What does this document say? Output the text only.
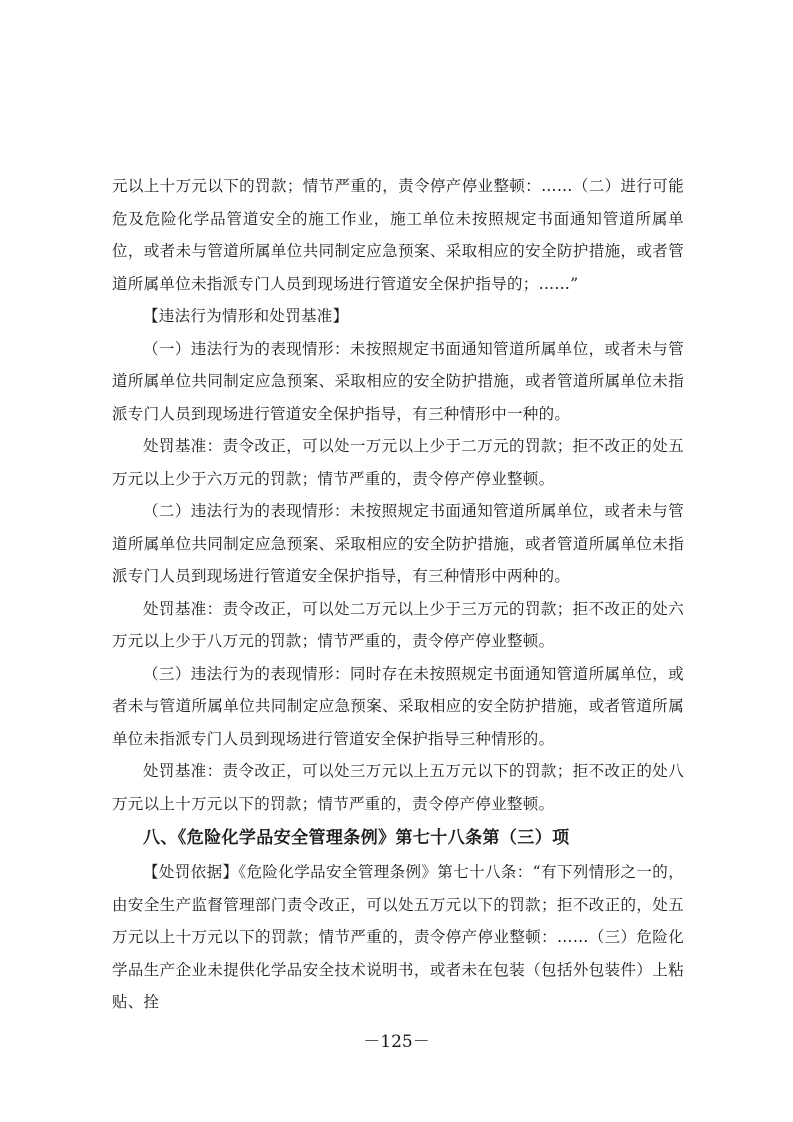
元以上十万元以下的罚款；情节严重的，责令停产停业整顿：……（二）进行可能危及危险化学品管道安全的施工作业，施工单位未按照规定书面通知管道所属单位，或者未与管道所属单位共同制定应急预案、采取相应的安全防护措施，或者管道所属单位未指派专门人员到现场进行管道安全保护指导的；……”

【违法行为情形和处罚基准】

（一）违法行为的表现情形：未按照规定书面通知管道所属单位，或者未与管道所属单位共同制定应急预案、采取相应的安全防护措施，或者管道所属单位未指派专门人员到现场进行管道安全保护指导，有三种情形中一种的。

处罚基准：责令改正，可以处一万元以上少于二万元的罚款；拒不改正的处五万元以上少于六万元的罚款；情节严重的，责令停产停业整顿。

（二）违法行为的表现情形：未按照规定书面通知管道所属单位，或者未与管道所属单位共同制定应急预案、采取相应的安全防护措施，或者管道所属单位未指派专门人员到现场进行管道安全保护指导，有三种情形中两种的。

处罚基准：责令改正，可以处二万元以上少于三万元的罚款；拒不改正的处六万元以上少于八万元的罚款；情节严重的，责令停产停业整顿。

（三）违法行为的表现情形：同时存在未按照规定书面通知管道所属单位，或者未与管道所属单位共同制定应急预案、采取相应的安全防护措施，或者管道所属单位未指派专门人员到现场进行管道安全保护指导三种情形的。

处罚基准：责令改正，可以处三万元以上五万元以下的罚款；拒不改正的处八万元以上十万元以下的罚款；情节严重的，责令停产停业整顿。

八、《危险化学品安全管理条例》第七十八条第（三）项

【处罚依据】《危险化学品安全管理条例》第七十八条：“有下列情形之一的，由安全生产监督管理部门责令改正，可以处五万元以下的罚款；拒不改正的，处五万元以上十万元以下的罚款；情节严重的，责令停产停业整顿：……（三）危险化学品生产企业未提供化学品安全技术说明书，或者未在包装（包括外包装件）上粘贴、拴

－125－
